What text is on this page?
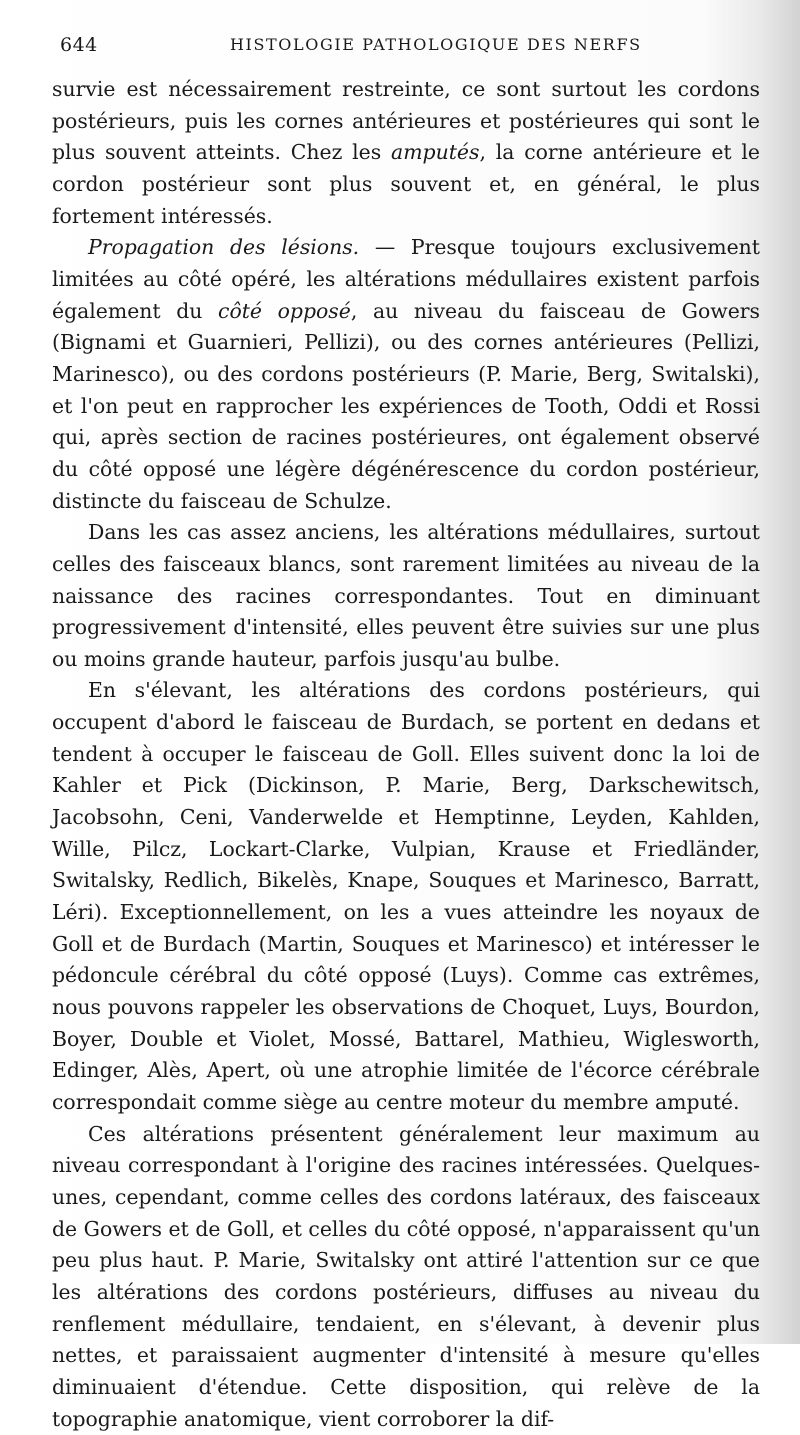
644	HISTOLOGIE PATHOLOGIQUE DES NERFS

survie est nécessairement restreinte, ce sont surtout les cordons postérieurs, puis les cornes antérieures et postérieures qui sont le plus souvent atteints. Chez les amputés, la corne antérieure et le cordon postérieur sont plus souvent et, en général, le plus fortement intéressés.

Propagation des lésions. — Presque toujours exclusivement limitées au côté opéré, les altérations médullaires existent parfois également du côté opposé, au niveau du faisceau de Gowers (Bignami et Guarnieri, Pellizi), ou des cornes antérieures (Pellizi, Marinesco), ou des cordons postérieurs (P. Marie, Berg, Switalski), et l'on peut en rapprocher les expériences de Tooth, Oddi et Rossi qui, après section de racines postérieures, ont également observé du côté opposé une légère dégénérescence du cordon postérieur, distincte du faisceau de Schulze.

Dans les cas assez anciens, les altérations médullaires, surtout celles des faisceaux blancs, sont rarement limitées au niveau de la naissance des racines correspondantes. Tout en diminuant progressivement d'intensité, elles peuvent être suivies sur une plus ou moins grande hauteur, parfois jusqu'au bulbe.

En s'élevant, les altérations des cordons postérieurs, qui occupent d'abord le faisceau de Burdach, se portent en dedans et tendent à occuper le faisceau de Goll. Elles suivent donc la loi de Kahler et Pick (Dickinson, P. Marie, Berg, Darkschewitsch, Jacobsohn, Ceni, Vanderwelde et Hemptinne, Leyden, Kahlden, Wille, Pilcz, Lockart-Clarke, Vulpian, Krause et Friedländer, Switalsky, Redlich, Bikelès, Knape, Souques et Marinesco, Barratt, Léri). Exceptionnellement, on les a vues atteindre les noyaux de Goll et de Burdach (Martin, Souques et Marinesco) et intéresser le pédoncule cérébral du côté opposé (Luys). Comme cas extrêmes, nous pouvons rappeler les observations de Choquet, Luys, Bourdon, Boyer, Double et Violet, Mossé, Battarel, Mathieu, Wiglesworth, Edinger, Alès, Apert, où une atrophie limitée de l'écorce cérébrale correspondait comme siège au centre moteur du membre amputé.

Ces altérations présentent généralement leur maximum au niveau correspondant à l'origine des racines intéressées. Quelques-unes, cependant, comme celles des cordons latéraux, des faisceaux de Gowers et de Goll, et celles du côté opposé, n'apparaissent qu'un peu plus haut. P. Marie, Switalsky ont attiré l'attention sur ce que les altérations des cordons postérieurs, diffuses au niveau du renflement médullaire, tendaient, en s'élevant, à devenir plus nettes, et paraissaient augmenter d'intensité à mesure qu'elles diminuaient d'étendue. Cette disposition, qui relève de la topographie anatomique, vient corroborer la dif-
